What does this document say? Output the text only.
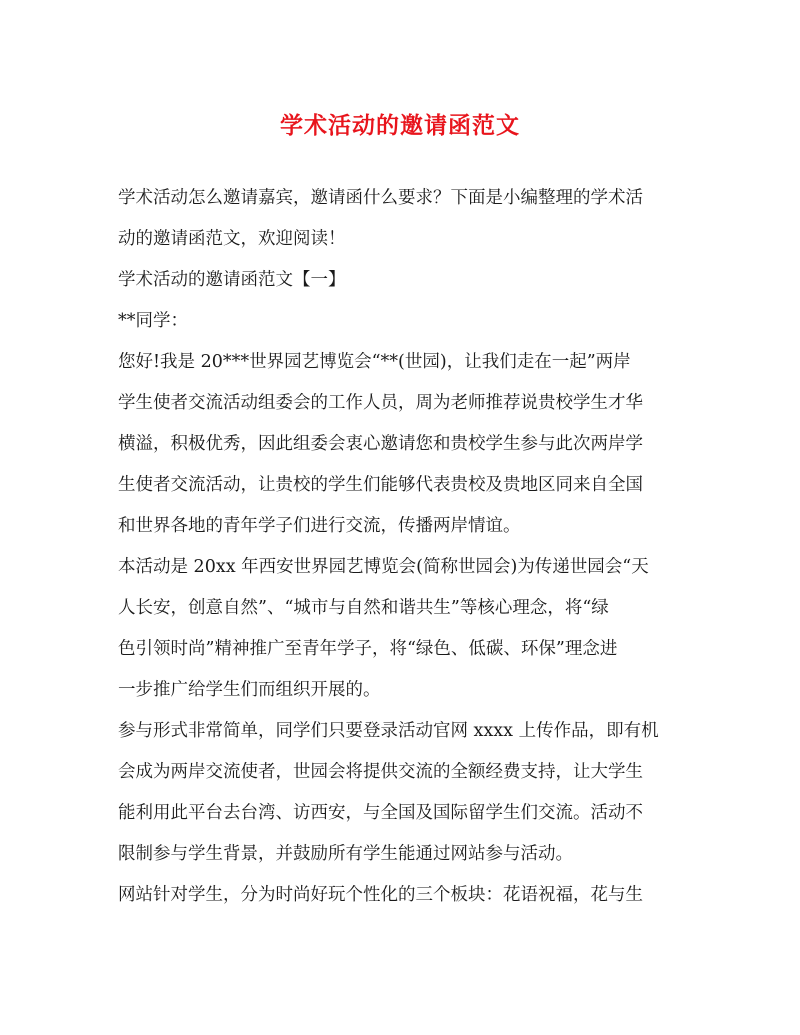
学术活动的邀请函范文
学术活动怎么邀请嘉宾，邀请函什么要求？下面是小编整理的学术活
动的邀请函范文，欢迎阅读！
学术活动的邀请函范文【一】
**同学：
您好!我是 20***世界园艺博览会“**(世园)，让我们走在一起”两岸
学生使者交流活动组委会的工作人员，周为老师推荐说贵校学生才华
横溢，积极优秀，因此组委会衷心邀请您和贵校学生参与此次两岸学
生使者交流活动，让贵校的学生们能够代表贵校及贵地区同来自全国
和世界各地的青年学子们进行交流，传播两岸情谊。
本活动是 20xx 年西安世界园艺博览会(简称世园会)为传递世园会“天
人长安，创意自然”、“城市与自然和谐共生”等核心理念，将“绿
色引领时尚”精神推广至青年学子，将“绿色、低碳、环保”理念进
一步推广给学生们而组织开展的。
参与形式非常简单，同学们只要登录活动官网 xxxx 上传作品，即有机
会成为两岸交流使者，世园会将提供交流的全额经费支持，让大学生
能利用此平台去台湾、访西安，与全国及国际留学生们交流。活动不
限制参与学生背景，并鼓励所有学生能通过网站参与活动。
网站针对学生，分为时尚好玩个性化的三个板块：花语祝福，花与生
